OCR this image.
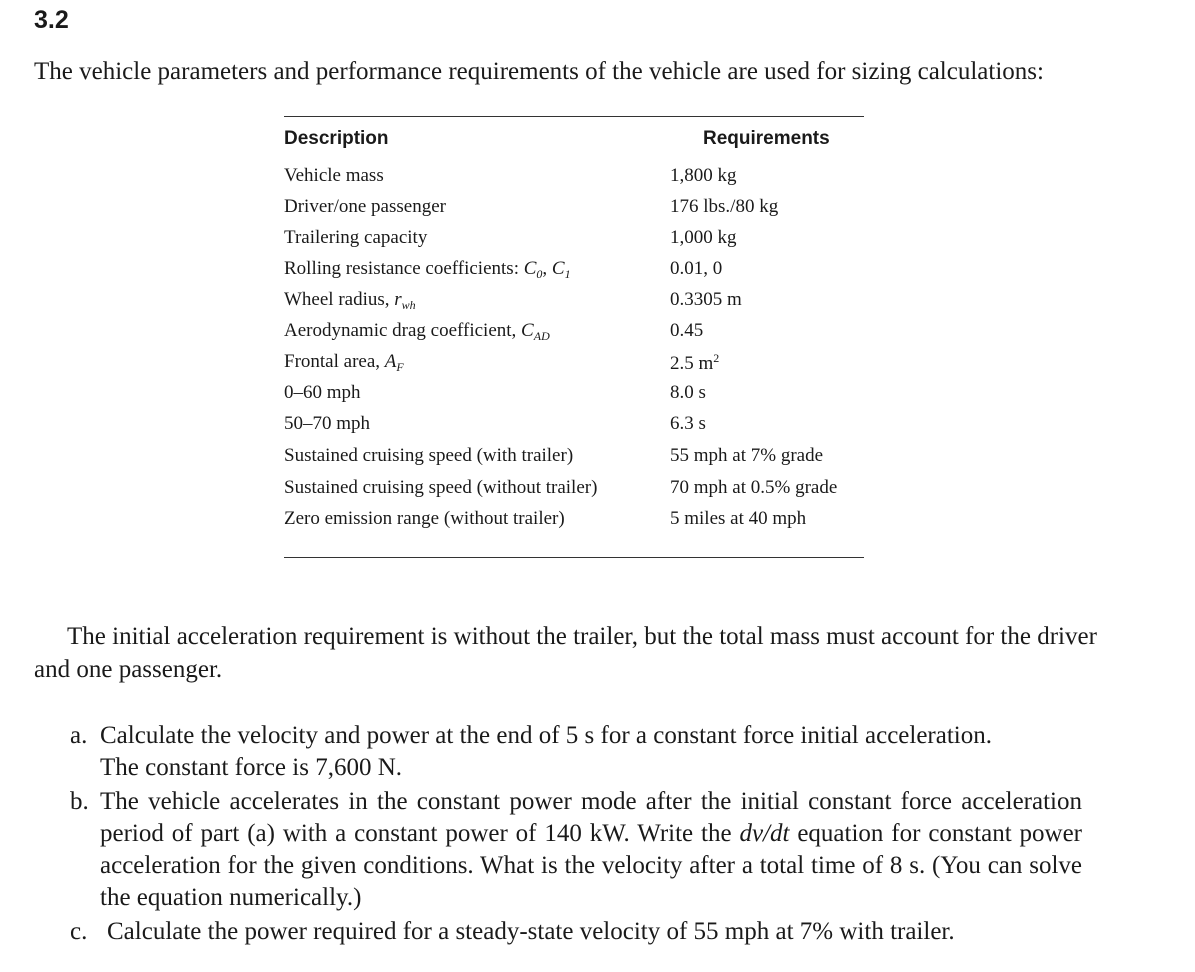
3.2
The vehicle parameters and performance requirements of the vehicle are used for sizing calculations:
Description	Requirements
Vehicle mass	1,800 kg
Driver/one passenger	176 lbs./80 kg
Trailering capacity	1,000 kg
Rolling resistance coefficients: $C_0$, $C_1$	0.01, 0
Wheel radius, $r_{wh}$	0.3305 m
Aerodynamic drag coefficient, $C_{AD}$	0.45
Frontal area, $A_F$	2.5 $m^2$
0–60 mph	8.0 s
50–70 mph	6.3 s
Sustained cruising speed (with trailer)	55 mph at 7% grade
Sustained cruising speed (without trailer)	70 mph at 0.5% grade
Zero emission range (without trailer)	5 miles at 40 mph
The initial acceleration requirement is without the trailer, but the total mass must account for the driver and one passenger.
a. Calculate the velocity and power at the end of 5 s for a constant force initial acceleration.
The constant force is 7,600 N.
b. The vehicle accelerates in the constant power mode after the initial constant force acceleration period of part (a) with a constant power of 140 kW. Write the dv/dt equation for constant power acceleration for the given conditions. What is the velocity after a total time of 8 s. (You can solve the equation numerically.)
c. Calculate the power required for a steady-state velocity of 55 mph at 7% with trailer.
